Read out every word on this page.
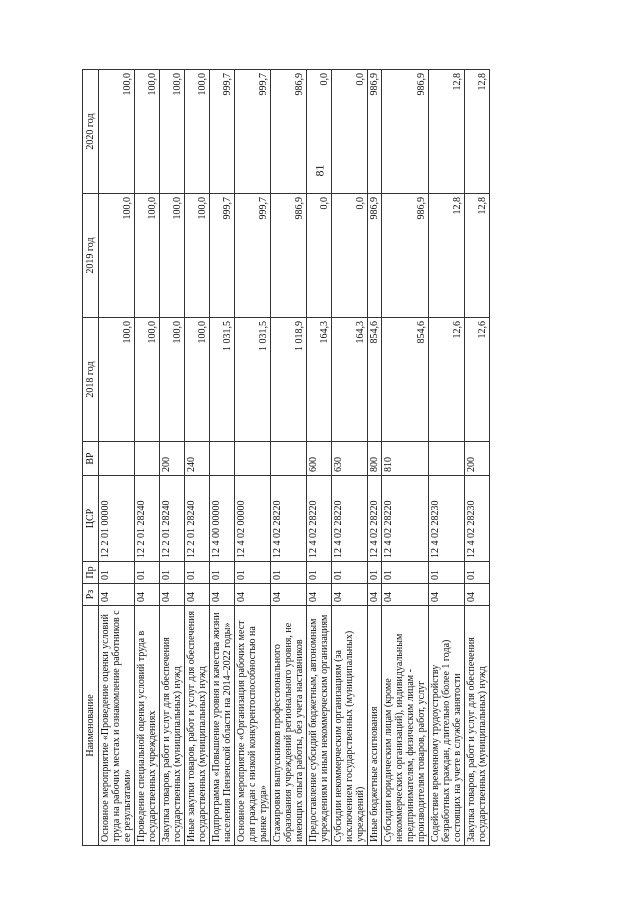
81
Наименование	Рз	Пр	ЦСР	ВР	2018 год	2019 год	2020 год
Основное мероприятие «Проведение оценки условий труда на рабочих местах и ознакомление работников с ее результатами»	04	01	12 2 01 00000		100,0	100,0	100,0
Проведение специальной оценки условий труда в государственных учреждениях	04	01	12 2 01 28240		100,0	100,0	100,0
Закупка товаров, работ и услуг для обеспечения государственных (муниципальных) нужд	04	01	12 2 01 28240	200	100,0	100,0	100,0
Иные закупки товаров, работ и услуг для обеспечения государственных (муниципальных) нужд	04	01	12 2 01 28240	240	100,0	100,0	100,0
Подпрограмма «Повышение уровня и качества жизни населения Пензенской области на 2014–2022 годы»	04	01	12 4 00 00000		1 031,5	999,7	999,7
Основное мероприятие «Организация рабочих мест для граждан с низкой конкурентоспособностью на рынке труда»	04	01	12 4 02 00000		1 031,5	999,7	999,7
Стажировки выпускников профессионального образования учреждений регионального уровня, не имеющих опыта работы, без учета наставников	04	01	12 4 02 28220		1 018,9	986,9	986,9
Предоставление субсидий бюджетным, автономным учреждениям и иным некоммерческим организациям	04	01	12 4 02 28220	600	164,3	0,0	0,0
Субсидии некоммерческим организациям (за исключением государственных (муниципальных) учреждений)	04	01	12 4 02 28220	630	164,3	0,0	0,0
Иные бюджетные ассигнования	04	01	12 4 02 28220	800	854,6	986,9	986,9
Субсидии юридическим лицам (кроме некоммерческих организаций), индивидуальным предпринимателям, физическим лицам - производителям товаров, работ, услуг	04	01	12 4 02 28220	810	854,6	986,9	986,9
Содействие временному трудоустройству безработных граждан, длительно (более 1 года) состоящих на учете в службе занятости	04	01	12 4 02 28230		12,6	12,8	12,8
Закупка товаров, работ и услуг для обеспечения государственных (муниципальных) нужд	04	01	12 4 02 28230	200	12,6	12,8	12,8
